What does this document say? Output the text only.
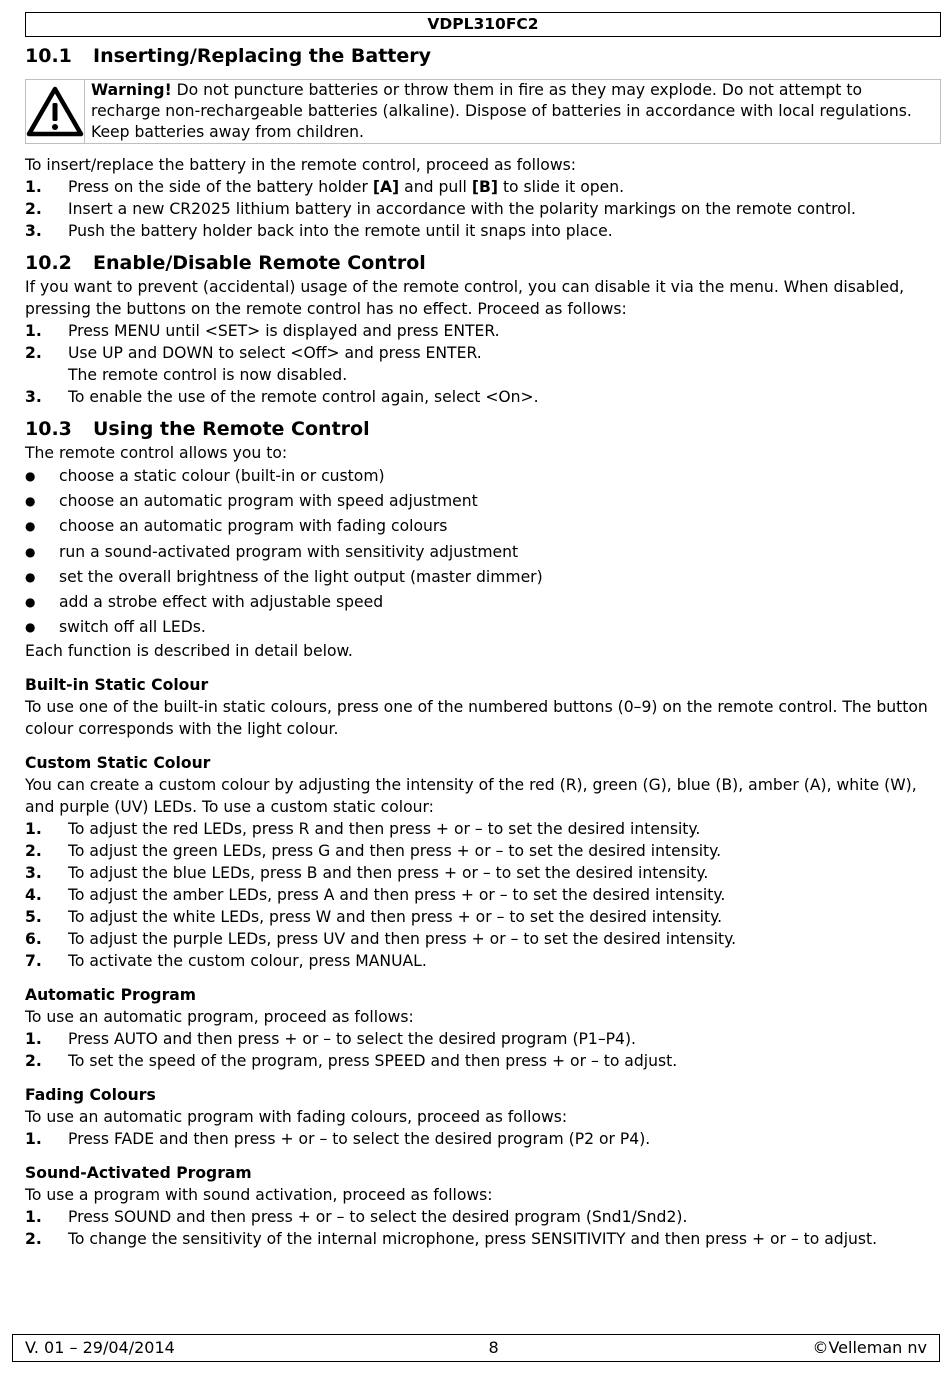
VDPL310FC2
10.1	Inserting/Replacing the Battery
Warning! Do not puncture batteries or throw them in fire as they may explode. Do not attempt to recharge non-rechargeable batteries (alkaline). Dispose of batteries in accordance with local regulations. Keep batteries away from children.

To insert/replace the battery in the remote control, proceed as follows:

1.	Press on the side of the battery holder [A] and pull [B] to slide it open.
2.	Insert a new CR2025 lithium battery in accordance with the polarity markings on the remote control.
3.	Push the battery holder back into the remote until it snaps into place.
10.2	Enable/Disable Remote Control

If you want to prevent (accidental) usage of the remote control, you can disable it via the menu. When disabled, pressing the buttons on the remote control has no effect. Proceed as follows:

1.	Press MENU until <SET> is displayed and press ENTER.
2.	Use UP and DOWN to select <Off> and press ENTER.
The remote control is now disabled.
3.	To enable the use of the remote control again, select <On>.
10.3	Using the Remote Control

The remote control allows you to:

●	choose a static colour (built-in or custom)
●	choose an automatic program with speed adjustment
●	choose an automatic program with fading colours
●	run a sound-activated program with sensitivity adjustment
●	set the overall brightness of the light output (master dimmer)
●	add a strobe effect with adjustable speed
●	switch off all LEDs.

Each function is described in detail below.

Built-in Static Colour

To use one of the built-in static colours, press one of the numbered buttons (0–9) on the remote control. The button colour corresponds with the light colour.

Custom Static Colour

You can create a custom colour by adjusting the intensity of the red (R), green (G), blue (B), amber (A), white (W), and purple (UV) LEDs. To use a custom static colour:

1.	To adjust the red LEDs, press R and then press + or – to set the desired intensity.
2.	To adjust the green LEDs, press G and then press + or – to set the desired intensity.
3.	To adjust the blue LEDs, press B and then press + or – to set the desired intensity.
4.	To adjust the amber LEDs, press A and then press + or – to set the desired intensity.
5.	To adjust the white LEDs, press W and then press + or – to set the desired intensity.
6.	To adjust the purple LEDs, press UV and then press + or – to set the desired intensity.
7.	To activate the custom colour, press MANUAL.
Automatic Program

To use an automatic program, proceed as follows:

1.	Press AUTO and then press + or – to select the desired program (P1–P4).
2.	To set the speed of the program, press SPEED and then press + or – to adjust.
Fading Colours

To use an automatic program with fading colours, proceed as follows:

1.	Press FADE and then press + or – to select the desired program (P2 or P4).
Sound-Activated Program

To use a program with sound activation, proceed as follows:

1.	Press SOUND and then press + or – to select the desired program (Snd1/Snd2).
2.	To change the sensitivity of the internal microphone, press SENSITIVITY and then press + or – to adjust.
V. 01 – 29/04/2014	8	©Velleman nv
